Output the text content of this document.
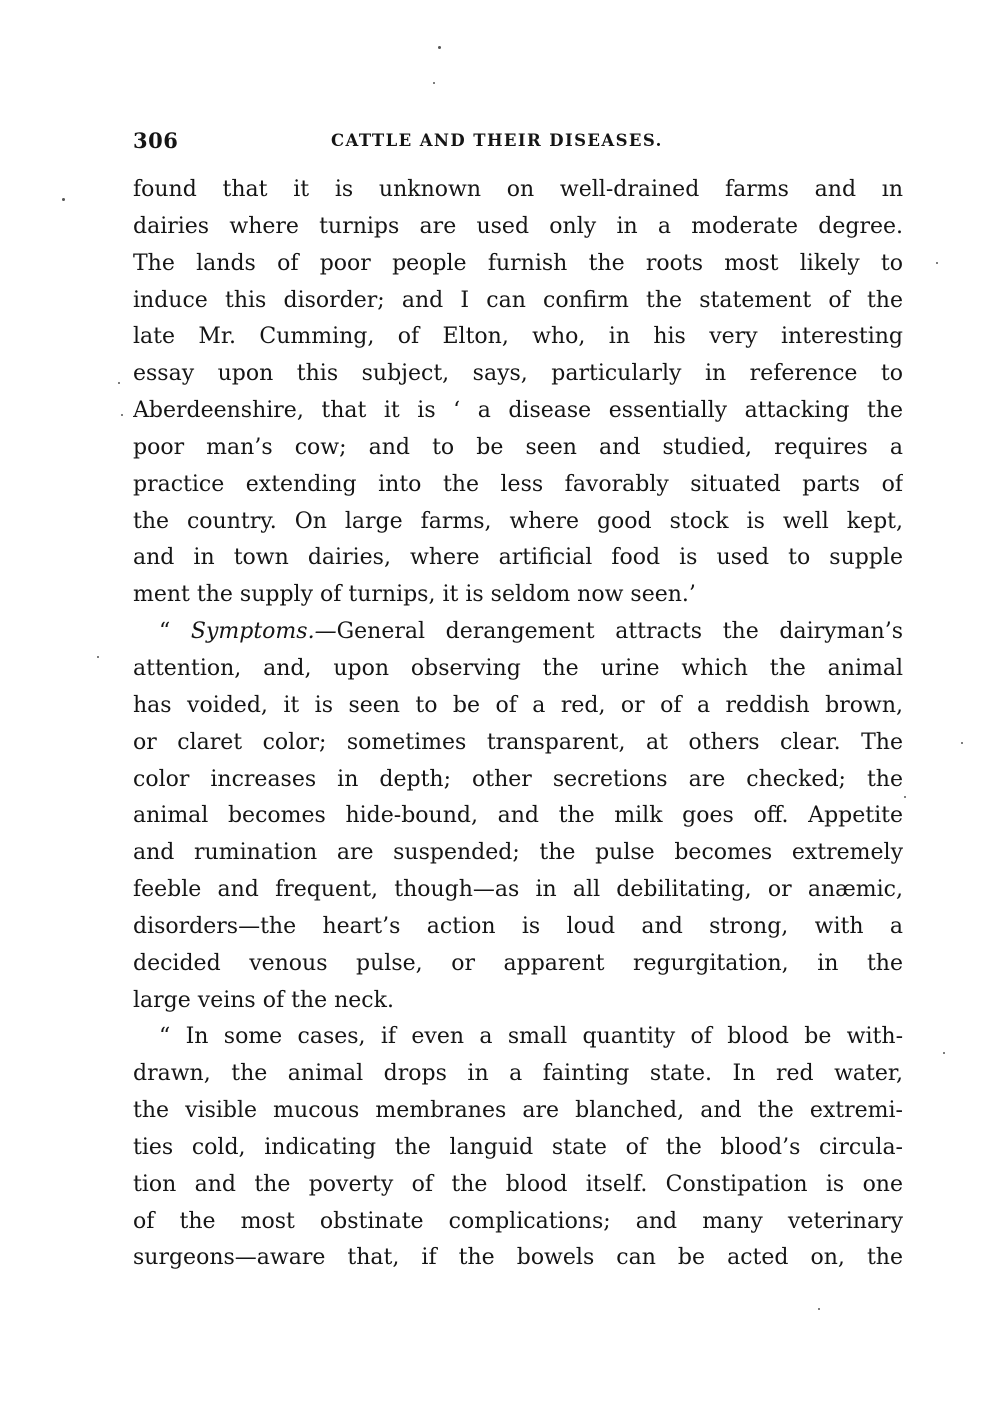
306	CATTLE AND THEIR DISEASES.
found that it is unknown on well-drained farms and ın
dairies where turnips are used only in a moderate degree.
The lands of poor people furnish the roots most likely to
induce this disorder; and I can confirm the statement of the
late Mr. Cumming, of Elton, who, in his very interesting
essay upon this subject, says, particularly in reference to
Aberdeenshire, that it is ‘ a disease essentially attacking the
poor man’s cow; and to be seen and studied, requires a
practice extending into the less favorably situated parts of
the country. On large farms, where good stock is well kept,
and in town dairies, where artificial food is used to supple
ment the supply of turnips, it is seldom now seen.’
“ Symptoms.—General derangement attracts the dairyman’s
attention, and, upon observing the urine which the animal
has voided, it is seen to be of a red, or of a reddish brown,
or claret color; sometimes transparent, at others clear. The
color increases in depth; other secretions are checked; the
animal becomes hide-bound, and the milk goes off. Appetite
and rumination are suspended; the pulse becomes extremely
feeble and frequent, though—as in all debilitating, or anæmic,
disorders—the heart’s action is loud and strong, with a
decided venous pulse, or apparent regurgitation, in the
large veins of the neck.
“ In some cases, if even a small quantity of blood be with-
drawn, the animal drops in a fainting state. In red water,
the visible mucous membranes are blanched, and the extremi-
ties cold, indicating the languid state of the blood’s circula-
tion and the poverty of the blood itself. Constipation is one
of the most obstinate complications; and many veterinary
surgeons—aware that, if the bowels can be acted on, the
